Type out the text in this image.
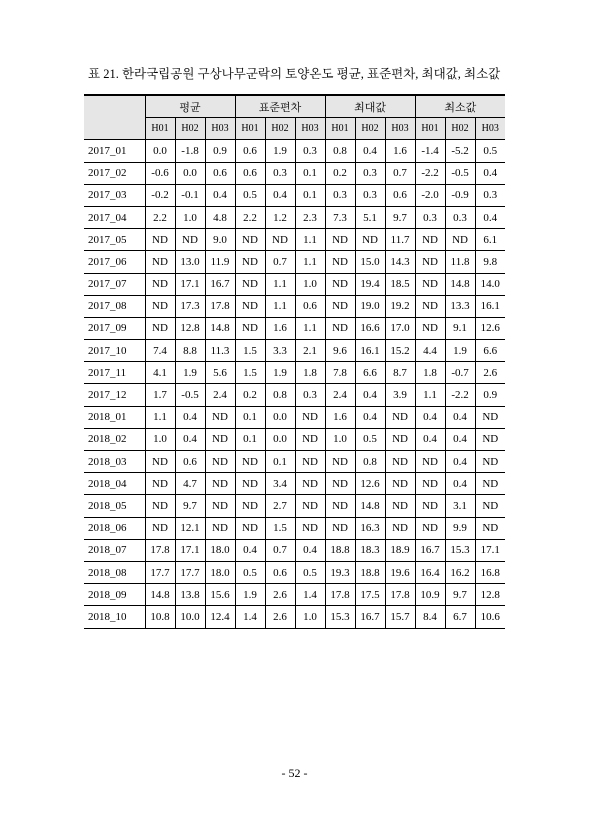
표 21. 한라국립공원 구상나무군락의 토양온도 평균, 표준편차, 최대값, 최소값
	평균			표준편차			최대값			최소값		
	H01	H02	H03	H01	H02	H03	H01	H02	H03	H01	H02	H03
2017_01	0.0	-1.8	0.9	0.6	1.9	0.3	0.8	0.4	1.6	-1.4	-5.2	0.5
2017_02	-0.6	0.0	0.6	0.6	0.3	0.1	0.2	0.3	0.7	-2.2	-0.5	0.4
2017_03	-0.2	-0.1	0.4	0.5	0.4	0.1	0.3	0.3	0.6	-2.0	-0.9	0.3
2017_04	2.2	1.0	4.8	2.2	1.2	2.3	7.3	5.1	9.7	0.3	0.3	0.4
2017_05	ND	ND	9.0	ND	ND	1.1	ND	ND	11.7	ND	ND	6.1
2017_06	ND	13.0	11.9	ND	0.7	1.1	ND	15.0	14.3	ND	11.8	9.8
2017_07	ND	17.1	16.7	ND	1.1	1.0	ND	19.4	18.5	ND	14.8	14.0
2017_08	ND	17.3	17.8	ND	1.1	0.6	ND	19.0	19.2	ND	13.3	16.1
2017_09	ND	12.8	14.8	ND	1.6	1.1	ND	16.6	17.0	ND	9.1	12.6
2017_10	7.4	8.8	11.3	1.5	3.3	2.1	9.6	16.1	15.2	4.4	1.9	6.6
2017_11	4.1	1.9	5.6	1.5	1.9	1.8	7.8	6.6	8.7	1.8	-0.7	2.6
2017_12	1.7	-0.5	2.4	0.2	0.8	0.3	2.4	0.4	3.9	1.1	-2.2	0.9
2018_01	1.1	0.4	ND	0.1	0.0	ND	1.6	0.4	ND	0.4	0.4	ND
2018_02	1.0	0.4	ND	0.1	0.0	ND	1.0	0.5	ND	0.4	0.4	ND
2018_03	ND	0.6	ND	ND	0.1	ND	ND	0.8	ND	ND	0.4	ND
2018_04	ND	4.7	ND	ND	3.4	ND	ND	12.6	ND	ND	0.4	ND
2018_05	ND	9.7	ND	ND	2.7	ND	ND	14.8	ND	ND	3.1	ND
2018_06	ND	12.1	ND	ND	1.5	ND	ND	16.3	ND	ND	9.9	ND
2018_07	17.8	17.1	18.0	0.4	0.7	0.4	18.8	18.3	18.9	16.7	15.3	17.1
2018_08	17.7	17.7	18.0	0.5	0.6	0.5	19.3	18.8	19.6	16.4	16.2	16.8
2018_09	14.8	13.8	15.6	1.9	2.6	1.4	17.8	17.5	17.8	10.9	9.7	12.8
2018_10	10.8	10.0	12.4	1.4	2.6	1.0	15.3	16.7	15.7	8.4	6.7	10.6
- 52 -
